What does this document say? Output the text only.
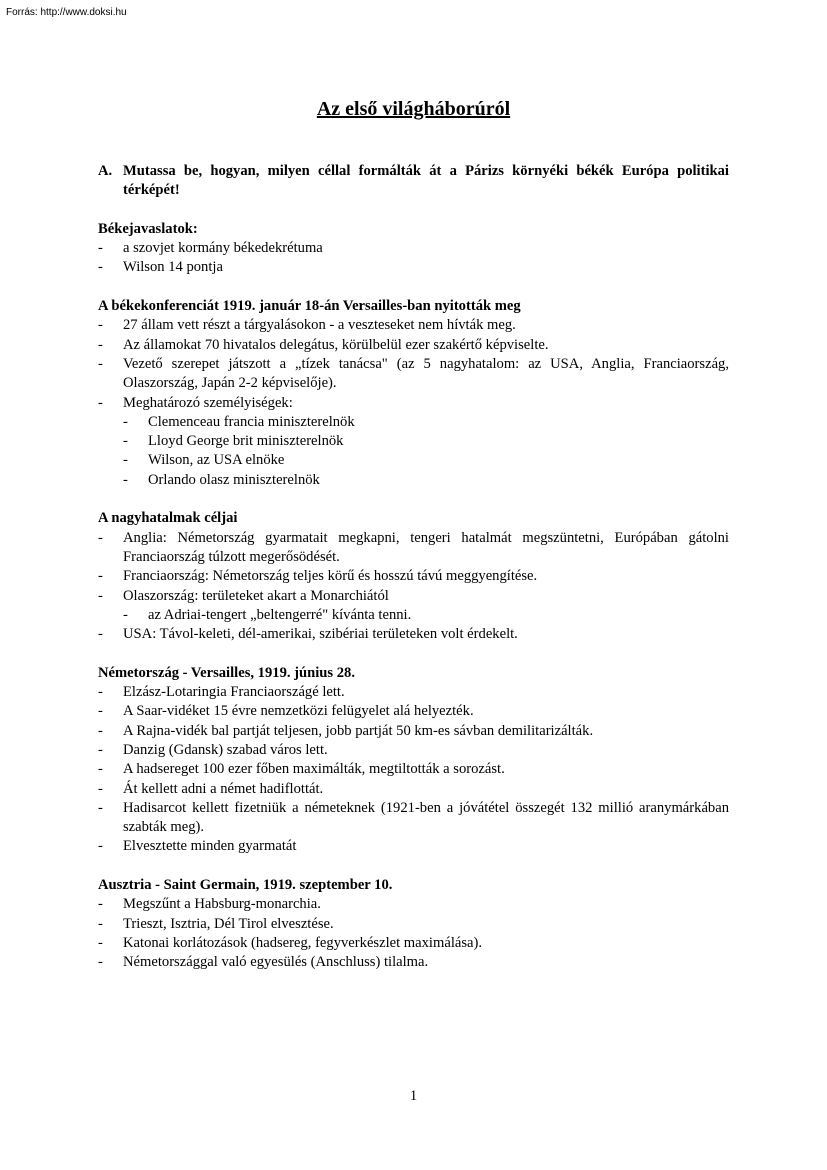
Forrás: http://www.doksi.hu
Az első világháborúról
A. Mutassa be, hogyan, milyen céllal formálták át a Párizs környéki békék Európa politikai térképét!

Békejavaslatok:

-	a szovjet kormány békedekrétuma
-	Wilson 14 pontja

A békekonferenciát 1919. január 18-án Versailles-ban nyitották meg

-	27 állam vett részt a tárgyalásokon - a veszteseket nem hívták meg.
-	Az államokat 70 hivatalos delegátus, körülbelül ezer szakértő képviselte.
-	Vezető szerepet játszott a „tízek tanácsa" (az 5 nagyhatalom: az USA, Anglia, Franciaország, Olaszország, Japán 2-2 képviselője).
-	Meghatározó személyiségek:
-	Clemenceau francia miniszterelnök
-	Lloyd George brit miniszterelnök
-	Wilson, az USA elnöke
-	Orlando olasz miniszterelnök

A nagyhatalmak céljai

-	Anglia: Németország gyarmatait megkapni, tengeri hatalmát megszüntetni, Európában gátolni Franciaország túlzott megerősödését.
-	Franciaország: Németország teljes körű és hosszú távú meggyengítése.
-	Olaszország: területeket akart a Monarchiától
-	az Adriai-tengert „beltengerré" kívánta tenni.
-	USA: Távol-keleti, dél-amerikai, szibériai területeken volt érdekelt.

Németország - Versailles, 1919. június 28.

-	Elzász-Lotaringia Franciaországé lett.
-	A Saar-vidéket 15 évre nemzetközi felügyelet alá helyezték.
-	A Rajna-vidék bal partját teljesen, jobb partját 50 km-es sávban demilitarizálták.
-	Danzig (Gdansk) szabad város lett.
-	A hadsereget 100 ezer főben maximálták, megtiltották a sorozást.
-	Át kellett adni a német hadiflottát.
-	Hadisarcot kellett fizetniük a németeknek (1921-ben a jóvátétel összegét 132 millió aranymárkában szabták meg).
-	Elvesztette minden gyarmatát

Ausztria - Saint Germain, 1919. szeptember 10.

-	Megszűnt a Habsburg-monarchia.
-	Trieszt, Isztria, Dél Tirol elvesztése.
-	Katonai korlátozások (hadsereg, fegyverkészlet maximálása).
-	Németországgal való egyesülés (Anschluss) tilalma.
1
